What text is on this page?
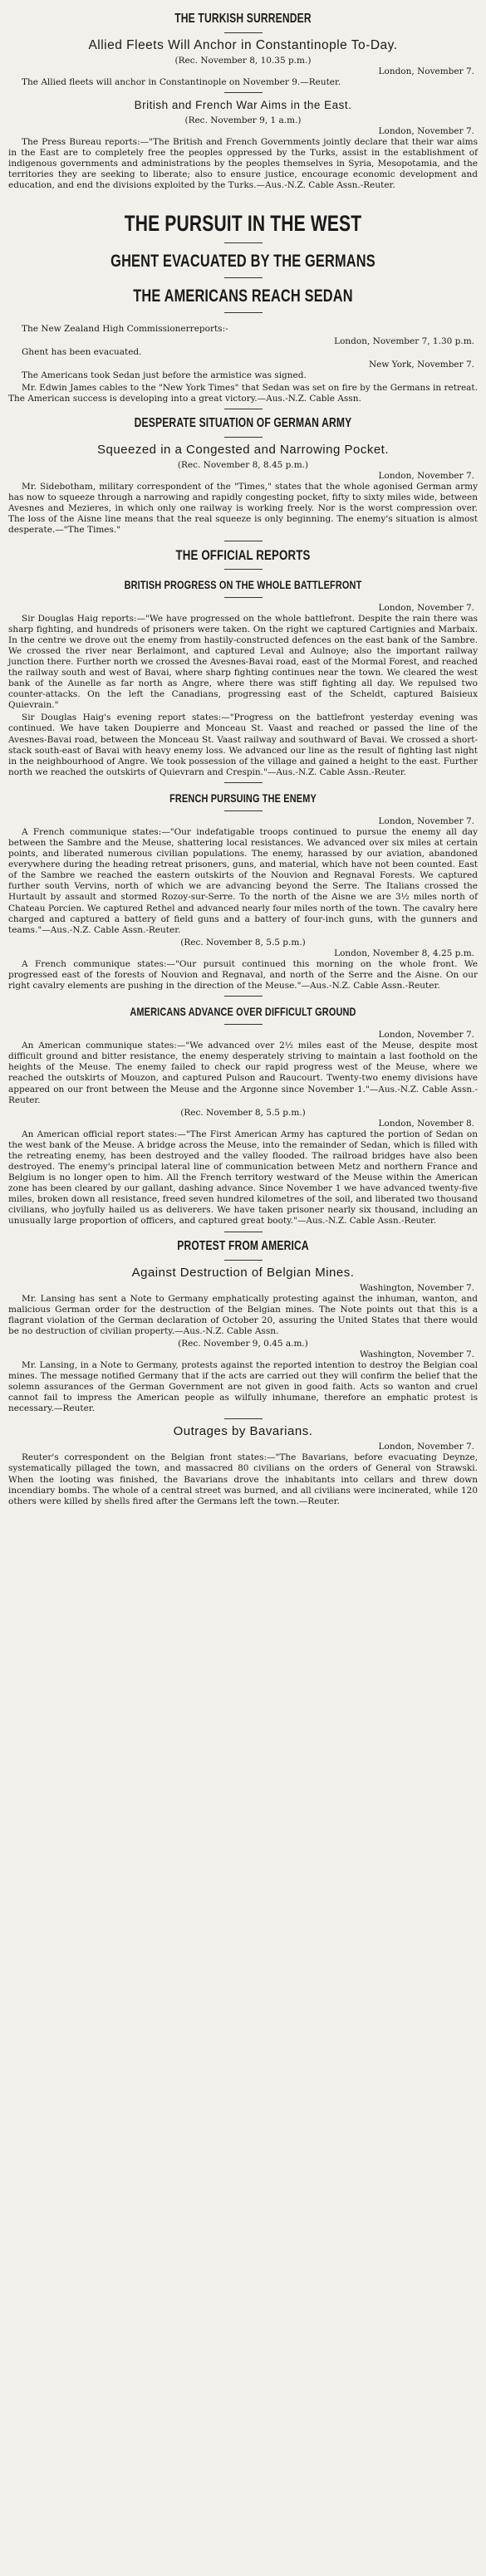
THE TURKISH SURRENDER
Allied Fleets Will Anchor in Constantinople To-Day.
(Rec. November 8, 10.35 p.m.)
London, November 7.

The Allied fleets will anchor in Constantinople on November 9.—Reuter.

British and French War Aims in the East.
(Rec. November 9, 1 a.m.)
London, November 7.

The Press Bureau reports:—"The British and French Governments jointly declare that their war aims in the East are to completely free the peoples oppressed by the Turks, assist in the establishment of indigenous governments and administrations by the peoples themselves in Syria, Mesopotamia, and the territories they are seeking to liberate; also to ensure justice, encourage economic development and education, and end the divisions exploited by the Turks.—Aus.-N.Z. Cable Assn.-Reuter.

THE PURSUIT IN THE WEST
GHENT EVACUATED BY THE GERMANS
THE AMERICANS REACH SEDAN

The New Zealand High Commissionerreports:-

London, November 7, 1.30 p.m.

Ghent has been evacuated.

New York, November 7.

The Americans took Sedan just before the armistice was signed.

Mr. Edwin James cables to the "New York Times" that Sedan was set on fire by the Germans in retreat. The American success is developing into a great victory.—Aus.-N.Z. Cable Assn.

DESPERATE SITUATION OF GERMAN ARMY
Squeezed in a Congested and Narrowing Pocket.
(Rec. November 8, 8.45 p.m.)
London, November 7.

Mr. Sidebotham, military correspondent of the "Times," states that the whole agonised German army has now to squeeze through a narrowing and rapidly congesting pocket, fifty to sixty miles wide, between Avesnes and Mezieres, in which only one railway is working freely. Nor is the worst compression over. The loss of the Aisne line means that the real squeeze is only beginning. The enemy's situation is almost desperate.—"The Times."

THE OFFICIAL REPORTS
BRITISH PROGRESS ON THE WHOLE BATTLEFRONT
London, November 7.

Sir Douglas Haig reports:—"We have progressed on the whole battlefront. Despite the rain there was sharp fighting, and hundreds of prisoners were taken. On the right we captured Cartignies and Marbaix. In the centre we drove out the enemy from hastily-constructed defences on the east bank of the Sambre. We crossed the river near Berlaimont, and captured Leval and Aulnoye; also the important railway junction there. Further north we crossed the Avesnes-Bavai road, east of the Mormal Forest, and reached the railway south and west of Bavai, where sharp fighting continues near the town. We cleared the west bank of the Aunelle as far north as Angre, where there was stiff fighting all day. We repulsed two counter-attacks. On the left the Canadians, progressing east of the Scheldt, captured Baisieux Quievrain."

Sir Douglas Haig's evening report states:—"Progress on the battlefront yesterday evening was continued. We have taken Doupierre and Monceau St. Vaast and reached or passed the line of the Avesnes-Bavai road, between the Monceau St. Vaast railway and southward of Bavai. We crossed a short-stack south-east of Bavai with heavy enemy loss. We advanced our line as the result of fighting last night in the neighbourhood of Angre. We took possession of the village and gained a height to the east. Further north we reached the outskirts of Quievrarn and Crespin."—Aus.-N.Z. Cable Assn.-Reuter.

FRENCH PURSUING THE ENEMY
London, November 7.

A French communique states:—"Our indefatigable troops continued to pursue the enemy all day between the Sambre and the Meuse, shattering local resistances. We advanced over six miles at certain points, and liberated numerous civilian populations. The enemy, harassed by our aviation, abandoned everywhere during the heading retreat prisoners, guns, and material, which have not been counted. East of the Sambre we reached the eastern outskirts of the Nouvion and Regnaval Forests. We captured further south Vervins, north of which we are advancing beyond the Serre. The Italians crossed the Hurtault by assault and stormed Rozoy-sur-Serre. To the north of the Aisne we are 3½ miles north of Chateau Porcien. We captured Rethel and advanced nearly four miles north of the town. The cavalry here charged and captured a battery of field guns and a battery of four-inch guns, with the gunners and teams."—Aus.-N.Z. Cable Assn.-Reuter.

(Rec. November 8, 5.5 p.m.)
London, November 8, 4.25 p.m.

A French communique states:—"Our pursuit continued this morning on the whole front. We progressed east of the forests of Nouvion and Regnaval, and north of the Serre and the Aisne. On our right cavalry elements are pushing in the direction of the Meuse."—Aus.-N.Z. Cable Assn.-Reuter.

AMERICANS ADVANCE OVER DIFFICULT GROUND
London, November 7.

An American communique states:—"We advanced over 2½ miles east of the Meuse, despite most difficult ground and bitter resistance, the enemy desperately striving to maintain a last foothold on the heights of the Meuse. The enemy failed to check our rapid progress west of the Meuse, where we reached the outskirts of Mouzon, and captured Pulson and Raucourt. Twenty-two enemy divisions have appeared on our front between the Meuse and the Argonne since November 1."—Aus.-N.Z. Cable Assn.-Reuter.

(Rec. November 8, 5.5 p.m.)
London, November 8.

An American official report states:—"The First American Army has captured the portion of Sedan on the west bank of the Meuse. A bridge across the Meuse, into the remainder of Sedan, which is filled with the retreating enemy, has been destroyed and the valley flooded. The railroad bridges have also been destroyed. The enemy's principal lateral line of communication between Metz and northern France and Belgium is no longer open to him. All the French territory westward of the Meuse within the American zone has been cleared by our gallant, dashing advance. Since November 1 we have advanced twenty-five miles, broken down all resistance, freed seven hundred kilometres of the soil, and liberated two thousand civilians, who joyfully hailed us as deliverers. We have taken prisoner nearly six thousand, including an unusually large proportion of officers, and captured great booty."—Aus.-N.Z. Cable Assn.-Reuter.

PROTEST FROM AMERICA
Against Destruction of Belgian Mines.
Washington, November 7.

Mr. Lansing has sent a Note to Germany emphatically protesting against the inhuman, wanton, and malicious German order for the destruction of the Belgian mines. The Note points out that this is a flagrant violation of the German declaration of October 20, assuring the United States that there would be no destruction of civilian property.—Aus.-N.Z. Cable Assn.

(Rec. November 9, 0.45 a.m.)
Washington, November 7.

Mr. Lansing, in a Note to Germany, protests against the reported intention to destroy the Belgian coal mines. The message notified Germany that if the acts are carried out they will confirm the belief that the solemn assurances of the German Government are not given in good faith. Acts so wanton and cruel cannot fail to impress the American people as wilfully inhumane, therefore an emphatic protest is necessary.—Reuter.

Outrages by Bavarians.
London, November 7.

Reuter's correspondent on the Belgian front states:—"The Bavarians, before evacuating Deynze, systematically pillaged the town, and massacred 80 civilians on the orders of General von Strawski. When the looting was finished, the Bavarians drove the inhabitants into cellars and threw down incendiary bombs. The whole of a central street was burned, and all civilians were incinerated, while 120 others were killed by shells fired after the Germans left the town.—Reuter.
